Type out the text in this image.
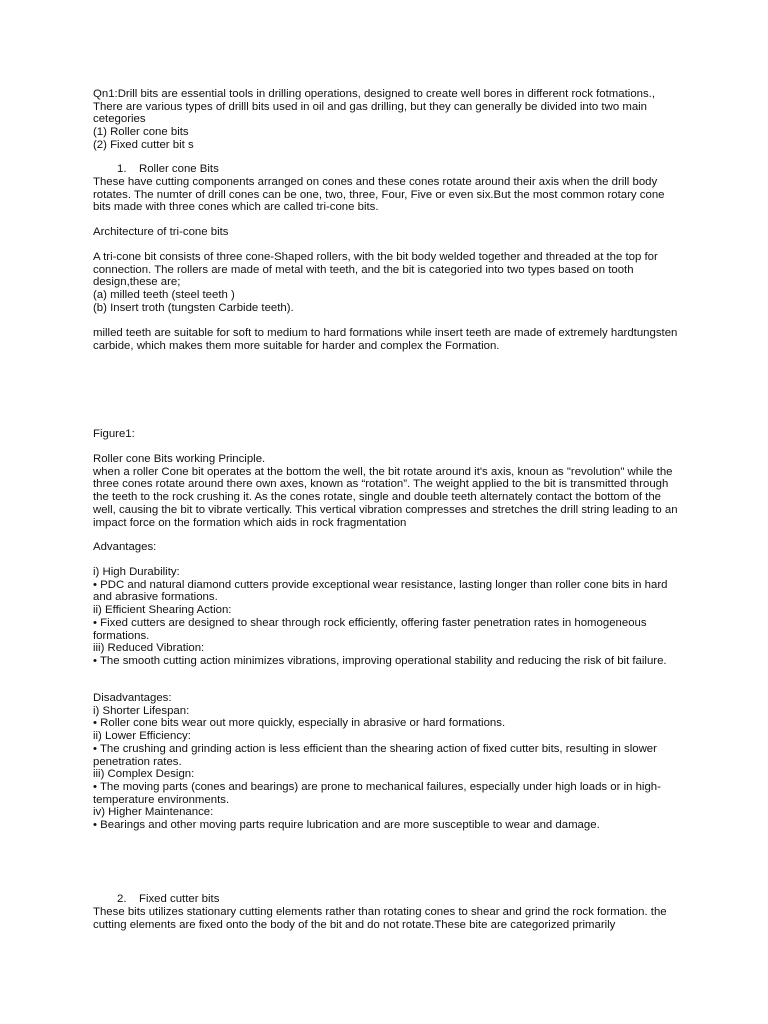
Qn1:Drill bits are essential tools in drilling operations, designed to create well bores in different rock fotmations., There are various types of drilll bits used in oil and gas drilling, but they can generally be divided into two main cetegories

(1) Roller cone bits

(2) Fixed cutter bit s

1. Roller cone Bits

These have cutting components arranged on cones and these cones rotate around their axis when the drill body rotates. The numter of drill cones can be one, two, three, Four, Five or even six.But the most common rotary cone bits made with three cones which are called tri-cone bits.

Architecture of tri-cone bits

A tri-cone bit consists of three cone-Shaped rollers, with the bit body welded together and threaded at the top for connection. The rollers are made of metal with teeth, and the bit is categoried into two types based on tooth design,these are;

(a) milled teeth (steel teeth )

(b) Insert troth (tungsten Carbide teeth).

milled teeth are suitable for soft to medium to hard formations while insert teeth are made of extremely hardtungsten carbide, which makes them more suitable for harder and complex the Formation.

Figure1:

Roller cone Bits working Principle.

when a roller Cone bit operates at the bottom the well, the bit rotate around it's axis, knoun as "revolution" while the three cones rotate around there own axes, known as “rotation”. The weight applied to the bit is transmitted through the teeth to the rock crushing it. As the cones rotate, single and double teeth alternately contact the bottom of the well, causing the bit to vibrate vertically. This vertical vibration compresses and stretches the drill string leading to an impact force on the formation which aids in rock fragmentation

Advantages:

i) High Durability:

• PDC and natural diamond cutters provide exceptional wear resistance, lasting longer than roller cone bits in hard and abrasive formations.

ii) Efficient Shearing Action:

• Fixed cutters are designed to shear through rock efficiently, offering faster penetration rates in homogeneous formations.

iii) Reduced Vibration:

• The smooth cutting action minimizes vibrations, improving operational stability and reducing the risk of bit failure.

Disadvantages:

i) Shorter Lifespan:

• Roller cone bits wear out more quickly, especially in abrasive or hard formations.

ii) Lower Efficiency:

• The crushing and grinding action is less efficient than the shearing action of fixed cutter bits, resulting in slower penetration rates.

iii) Complex Design:

• The moving parts (cones and bearings) are prone to mechanical failures, especially under high loads or in high-temperature environments.

iv) Higher Maintenance:

• Bearings and other moving parts require lubrication and are more susceptible to wear and damage.

2. Fixed cutter bits

These bits utilizes stationary cutting elements rather than rotating cones to shear and grind the rock formation. the cutting elements are fixed onto the body of the bit and do not rotate.These bite are categorized primarily
